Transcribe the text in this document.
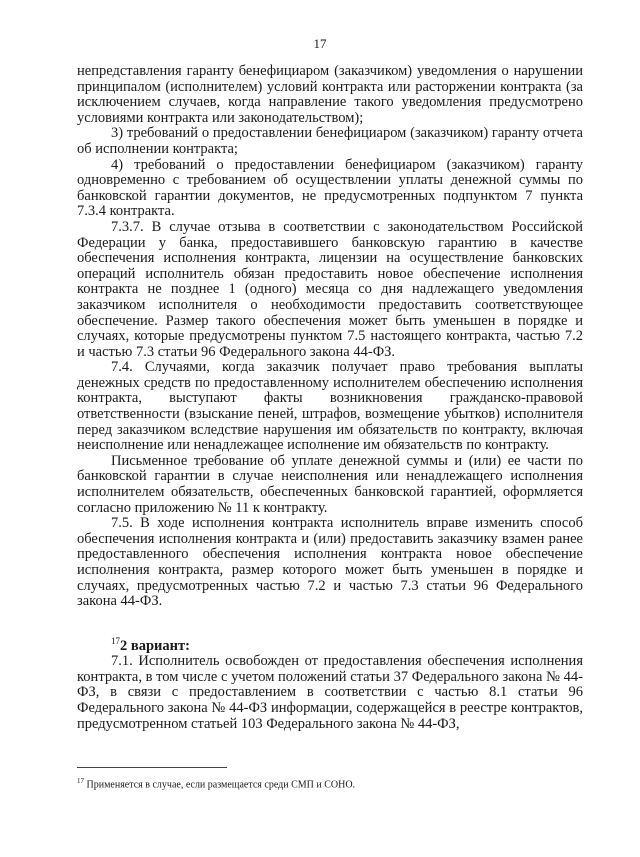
17

непредставления гаранту бенефициаром (заказчиком) уведомления о нарушении принципалом (исполнителем) условий контракта или расторжении контракта (за исключением случаев, когда направление такого уведомления предусмотрено условиями контракта или законодательством);

3) требований о предоставлении бенефициаром (заказчиком) гаранту отчета об исполнении контракта;

4) требований о предоставлении бенефициаром (заказчиком) гаранту одновременно с требованием об осуществлении уплаты денежной суммы по банковской гарантии документов, не предусмотренных подпунктом 7 пункта 7.3.4 контракта.

7.3.7. В случае отзыва в соответствии с законодательством Российской Федерации у банка, предоставившего банковскую гарантию в качестве обеспечения исполнения контракта, лицензии на осуществление банковских операций исполнитель обязан предоставить новое обеспечение исполнения контракта не позднее 1 (одного) месяца со дня надлежащего уведомления заказчиком исполнителя о необходимости предоставить соответствующее обеспечение. Размер такого обеспечения может быть уменьшен в порядке и случаях, которые предусмотрены пунктом 7.5 настоящего контракта, частью 7.2 и частью 7.3 статьи 96 Федерального закона 44-ФЗ.

7.4. Случаями, когда заказчик получает право требования выплаты денежных средств по предоставленному исполнителем обеспечению исполнения контракта, выступают факты возникновения гражданско-правовой ответственности (взыскание пеней, штрафов, возмещение убытков) исполнителя перед заказчиком вследствие нарушения им обязательств по контракту, включая неисполнение или ненадлежащее исполнение им обязательств по контракту.

Письменное требование об уплате денежной суммы и (или) ее части по банковской гарантии в случае неисполнения или ненадлежащего исполнения исполнителем обязательств, обеспеченных банковской гарантией, оформляется согласно приложению № 11 к контракту.

7.5. В ходе исполнения контракта исполнитель вправе изменить способ обеспечения исполнения контракта и (или) предоставить заказчику взамен ранее предоставленного обеспечения исполнения контракта новое обеспечение исполнения контракта, размер которого может быть уменьшен в порядке и случаях, предусмотренных частью 7.2 и частью 7.3 статьи 96 Федерального закона 44-ФЗ.

$^{17}$2 вариант:

7.1. Исполнитель освобожден от предоставления обеспечения исполнения контракта, в том числе с учетом положений статьи 37 Федерального закона № 44-ФЗ, в связи с предоставлением в соответствии с частью 8.1 статьи 96 Федерального закона № 44-ФЗ информации, содержащейся в реестре контрактов, предусмотренном статьей 103 Федерального закона № 44-ФЗ,

$^{17}$ Применяется в случае, если размещается среди СМП и СОНО.
